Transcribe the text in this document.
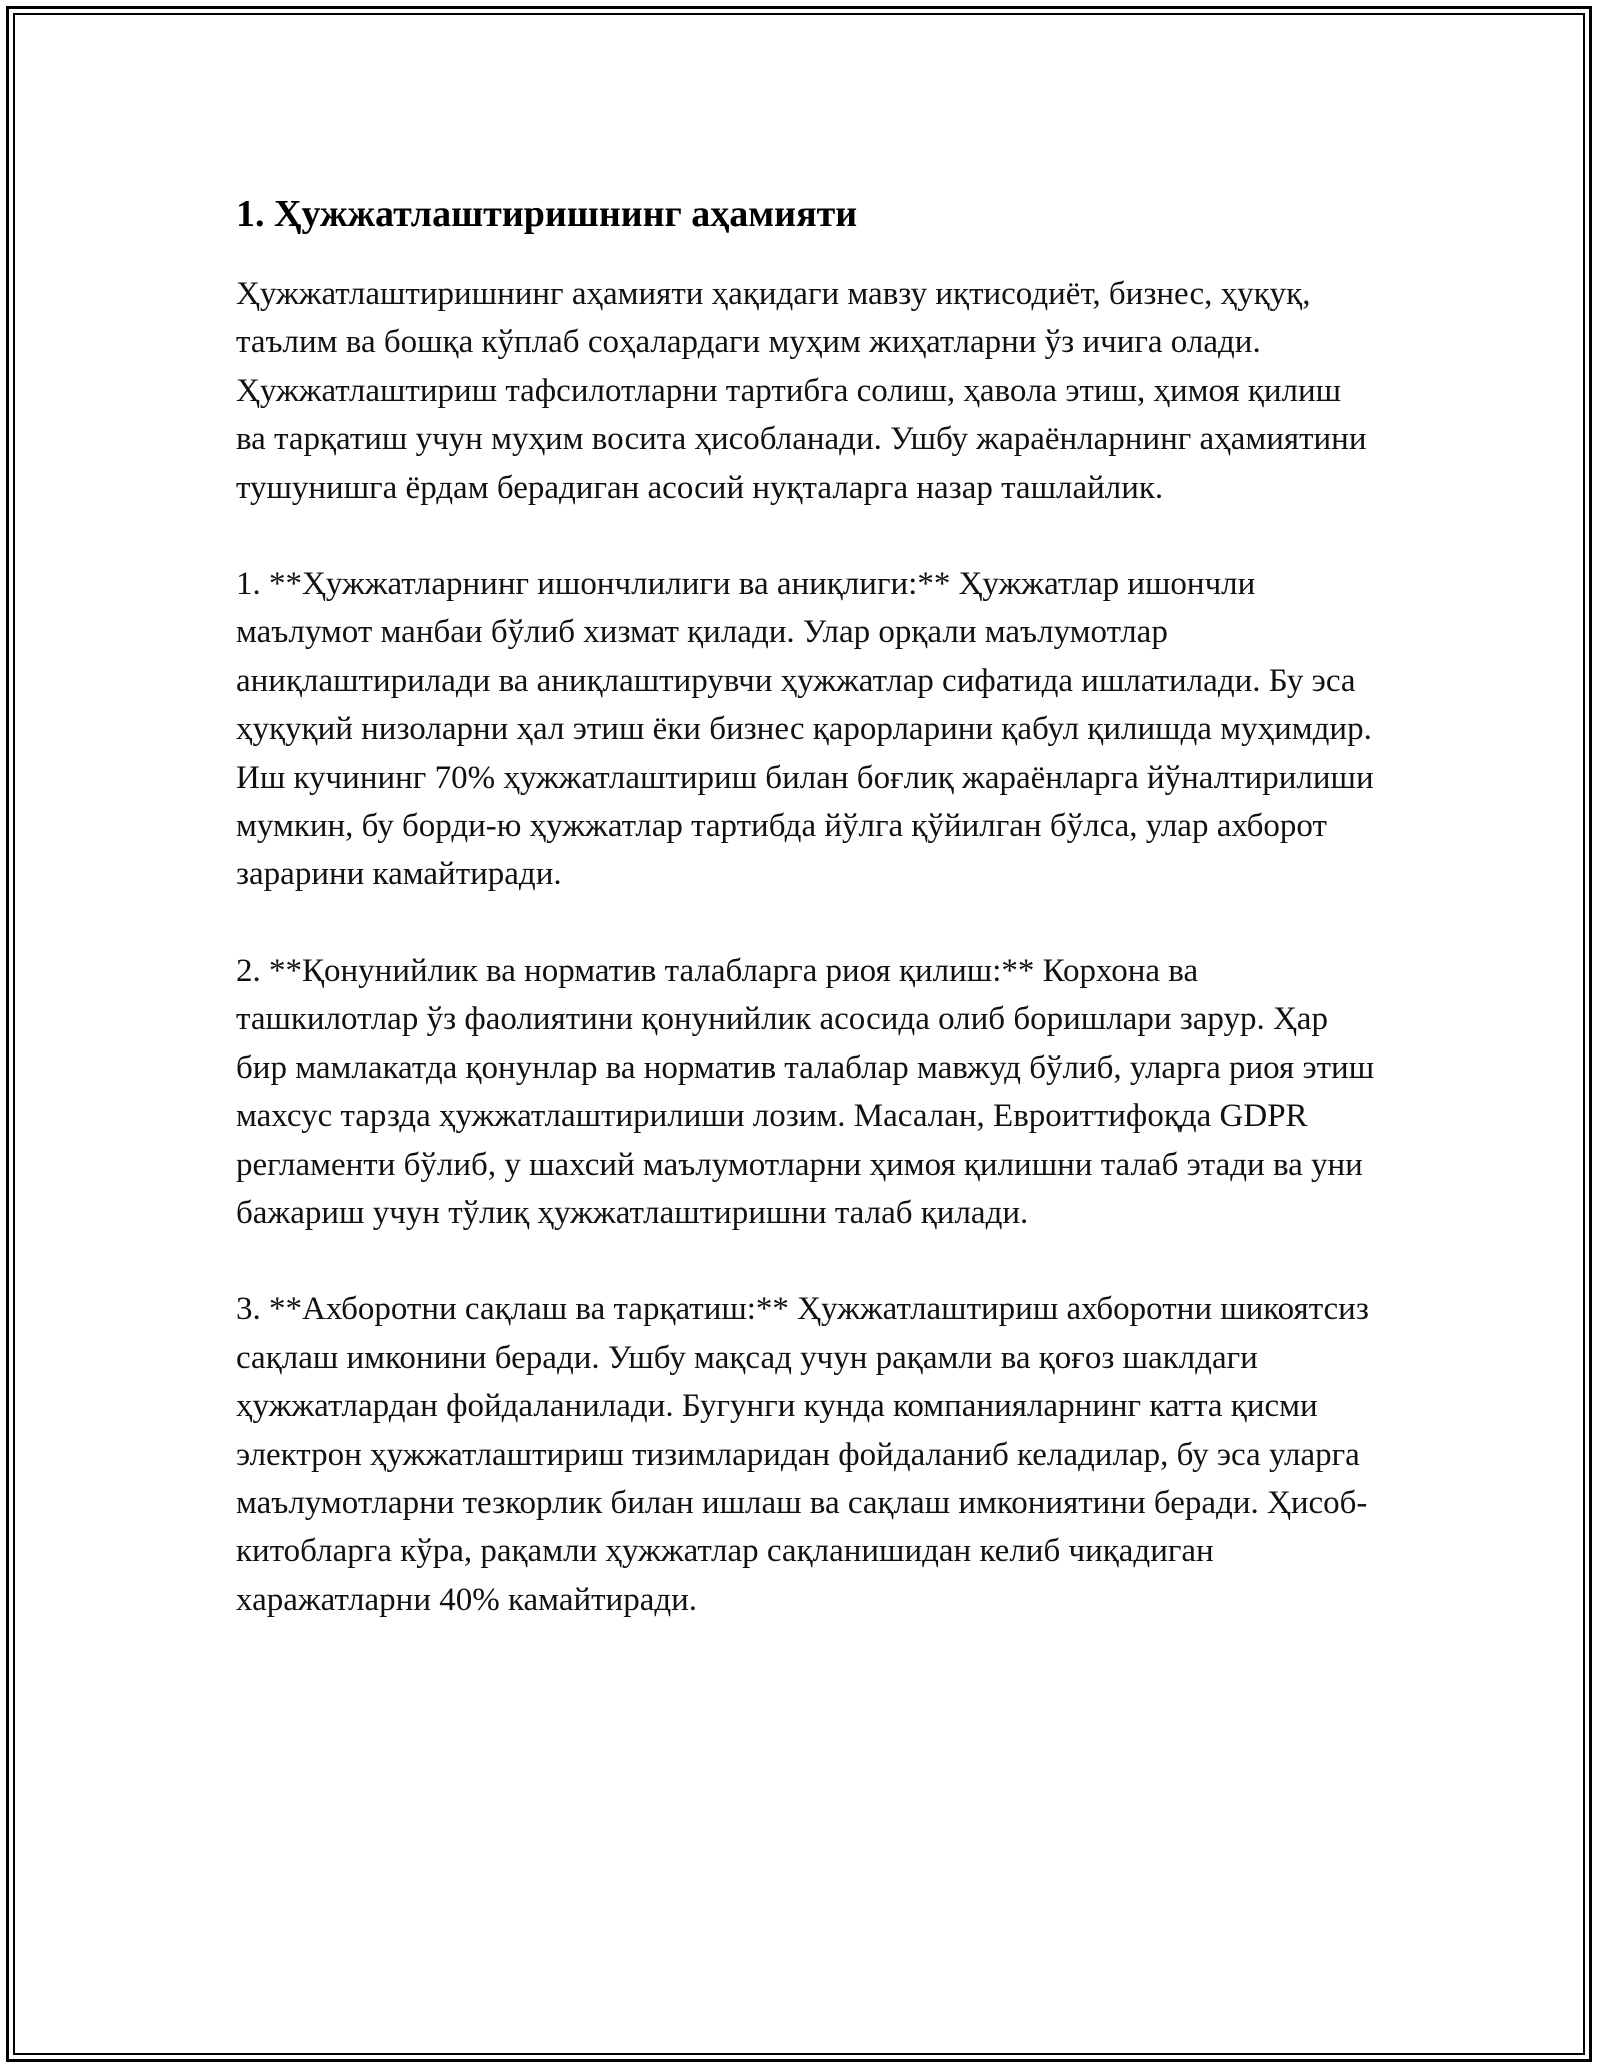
1. Ҳужжатлаштиришнинг аҳамияти

Ҳужжатлаштиришнинг аҳамияти ҳақидаги мавзу иқтисодиёт, бизнес, ҳуқуқ, таълим ва бошқа кўплаб соҳалардаги муҳим жиҳатларни ўз ичига олади. Ҳужжатлаштириш тафсилотларни тартибга солиш, ҳавола этиш, ҳимоя қилиш ва тарқатиш учун муҳим восита ҳисобланади. Ушбу жараёнларнинг аҳамиятини тушунишга ёрдам берадиган асосий нуқталарга назар ташлайлик.

1. **Ҳужжатларнинг ишончлилиги ва аниқлиги:** Ҳужжатлар ишончли маълумот манбаи бўлиб хизмат қилади. Улар орқали маълумотлар аниқлаштирилади ва аниқлаштирувчи ҳужжатлар сифатида ишлатилади. Бу эса ҳуқуқий низоларни ҳал этиш ёки бизнес қарорларини қабул қилишда муҳимдир. Иш кучининг 70% ҳужжатлаштириш билан боғлиқ жараёнларга йўналтирилиши мумкин, бу борди-ю ҳужжатлар тартибда йўлга қўйилган бўлса, улар ахборот зарарини камайтиради.

2. **Қонунийлик ва норматив талабларга риоя қилиш:** Корхона ва ташкилотлар ўз фаолиятини қонунийлик асосида олиб боришлари зарур. Ҳар бир мамлакатда қонунлар ва норматив талаблар мавжуд бўлиб, уларга риоя этиш махсус тарзда ҳужжатлаштирилиши лозим. Масалан, Евроиттифоқда GDPR регламенти бўлиб, у шахсий маълумотларни ҳимоя қилишни талаб этади ва уни бажариш учун тўлиқ ҳужжатлаштиришни талаб қилади.

3. **Ахборотни сақлаш ва тарқатиш:** Ҳужжатлаштириш ахборотни шикоятсиз сақлаш имконини беради. Ушбу мақсад учун рақамли ва қоғоз шаклдаги ҳужжатлардан фойдаланилади. Бугунги кунда компанияларнинг катта қисми электрон ҳужжатлаштириш тизимларидан фойдаланиб келадилар, бу эса уларга маълумотларни тезкорлик билан ишлаш ва сақлаш имкониятини беради. Ҳисоб-китобларга кўра, рақамли ҳужжатлар сақланишидан келиб чиқадиган харажатларни 40% камайтиради.
